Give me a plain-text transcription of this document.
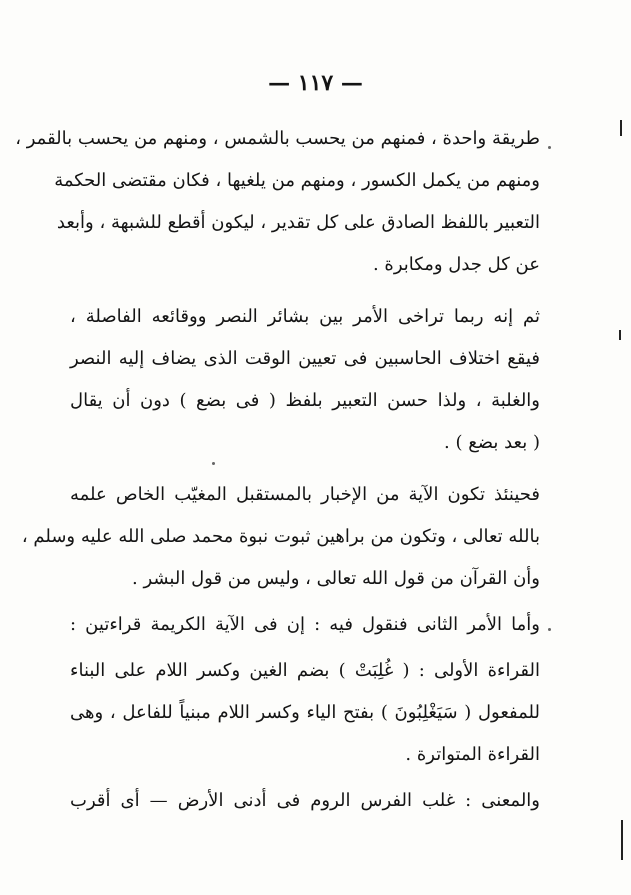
— ١١٧ —
طريقة واحدة ، فمنهم من يحسب بالشمس ، ومنهم من يحسب بالقمر ،
ومنهم من يكمل الكسور ، ومنهم من يلغيها ، فكان مقتضى الحكمة
التعبير باللفظ الصادق على كل تقدير ، ليكون أقطع للشبهة ، وأبعد
عن كل جدل ومكابرة .
ثم إنه ربما تراخى الأمر بين بشائر النصر ووقائعه الفاصلة ،
فيقع اختلاف الحاسبين فى تعيين الوقت الذى يضاف إليه النصر
والغلبة ، ولذا حسن التعبير بلفظ ( فى بضع ) دون أن يقال
( بعد بضع ) .
فحينئذ تكون الآية من الإخبار بالمستقبل المغيّب الخاص علمه
بالله تعالى ، وتكون من براهين ثبوت نبوة محمد صلى الله عليه وسلم ،
وأن القرآن من قول الله تعالى ، وليس من قول البشر .
وأما الأمر الثانى فنقول فيه : إن فى الآية الكريمة قراءتين :
القراءة الأولى : ( غُلِبَتْ ) بضم الغين وكسر اللام على البناء
للمفعول ( سَيَغْلِبُونَ ) بفتح الياء وكسر اللام مبنياً للفاعل ، وهى
القراءة المتواترة .
والمعنى : غلب الفرس الروم فى أدنى الأرض — أى أقرب
